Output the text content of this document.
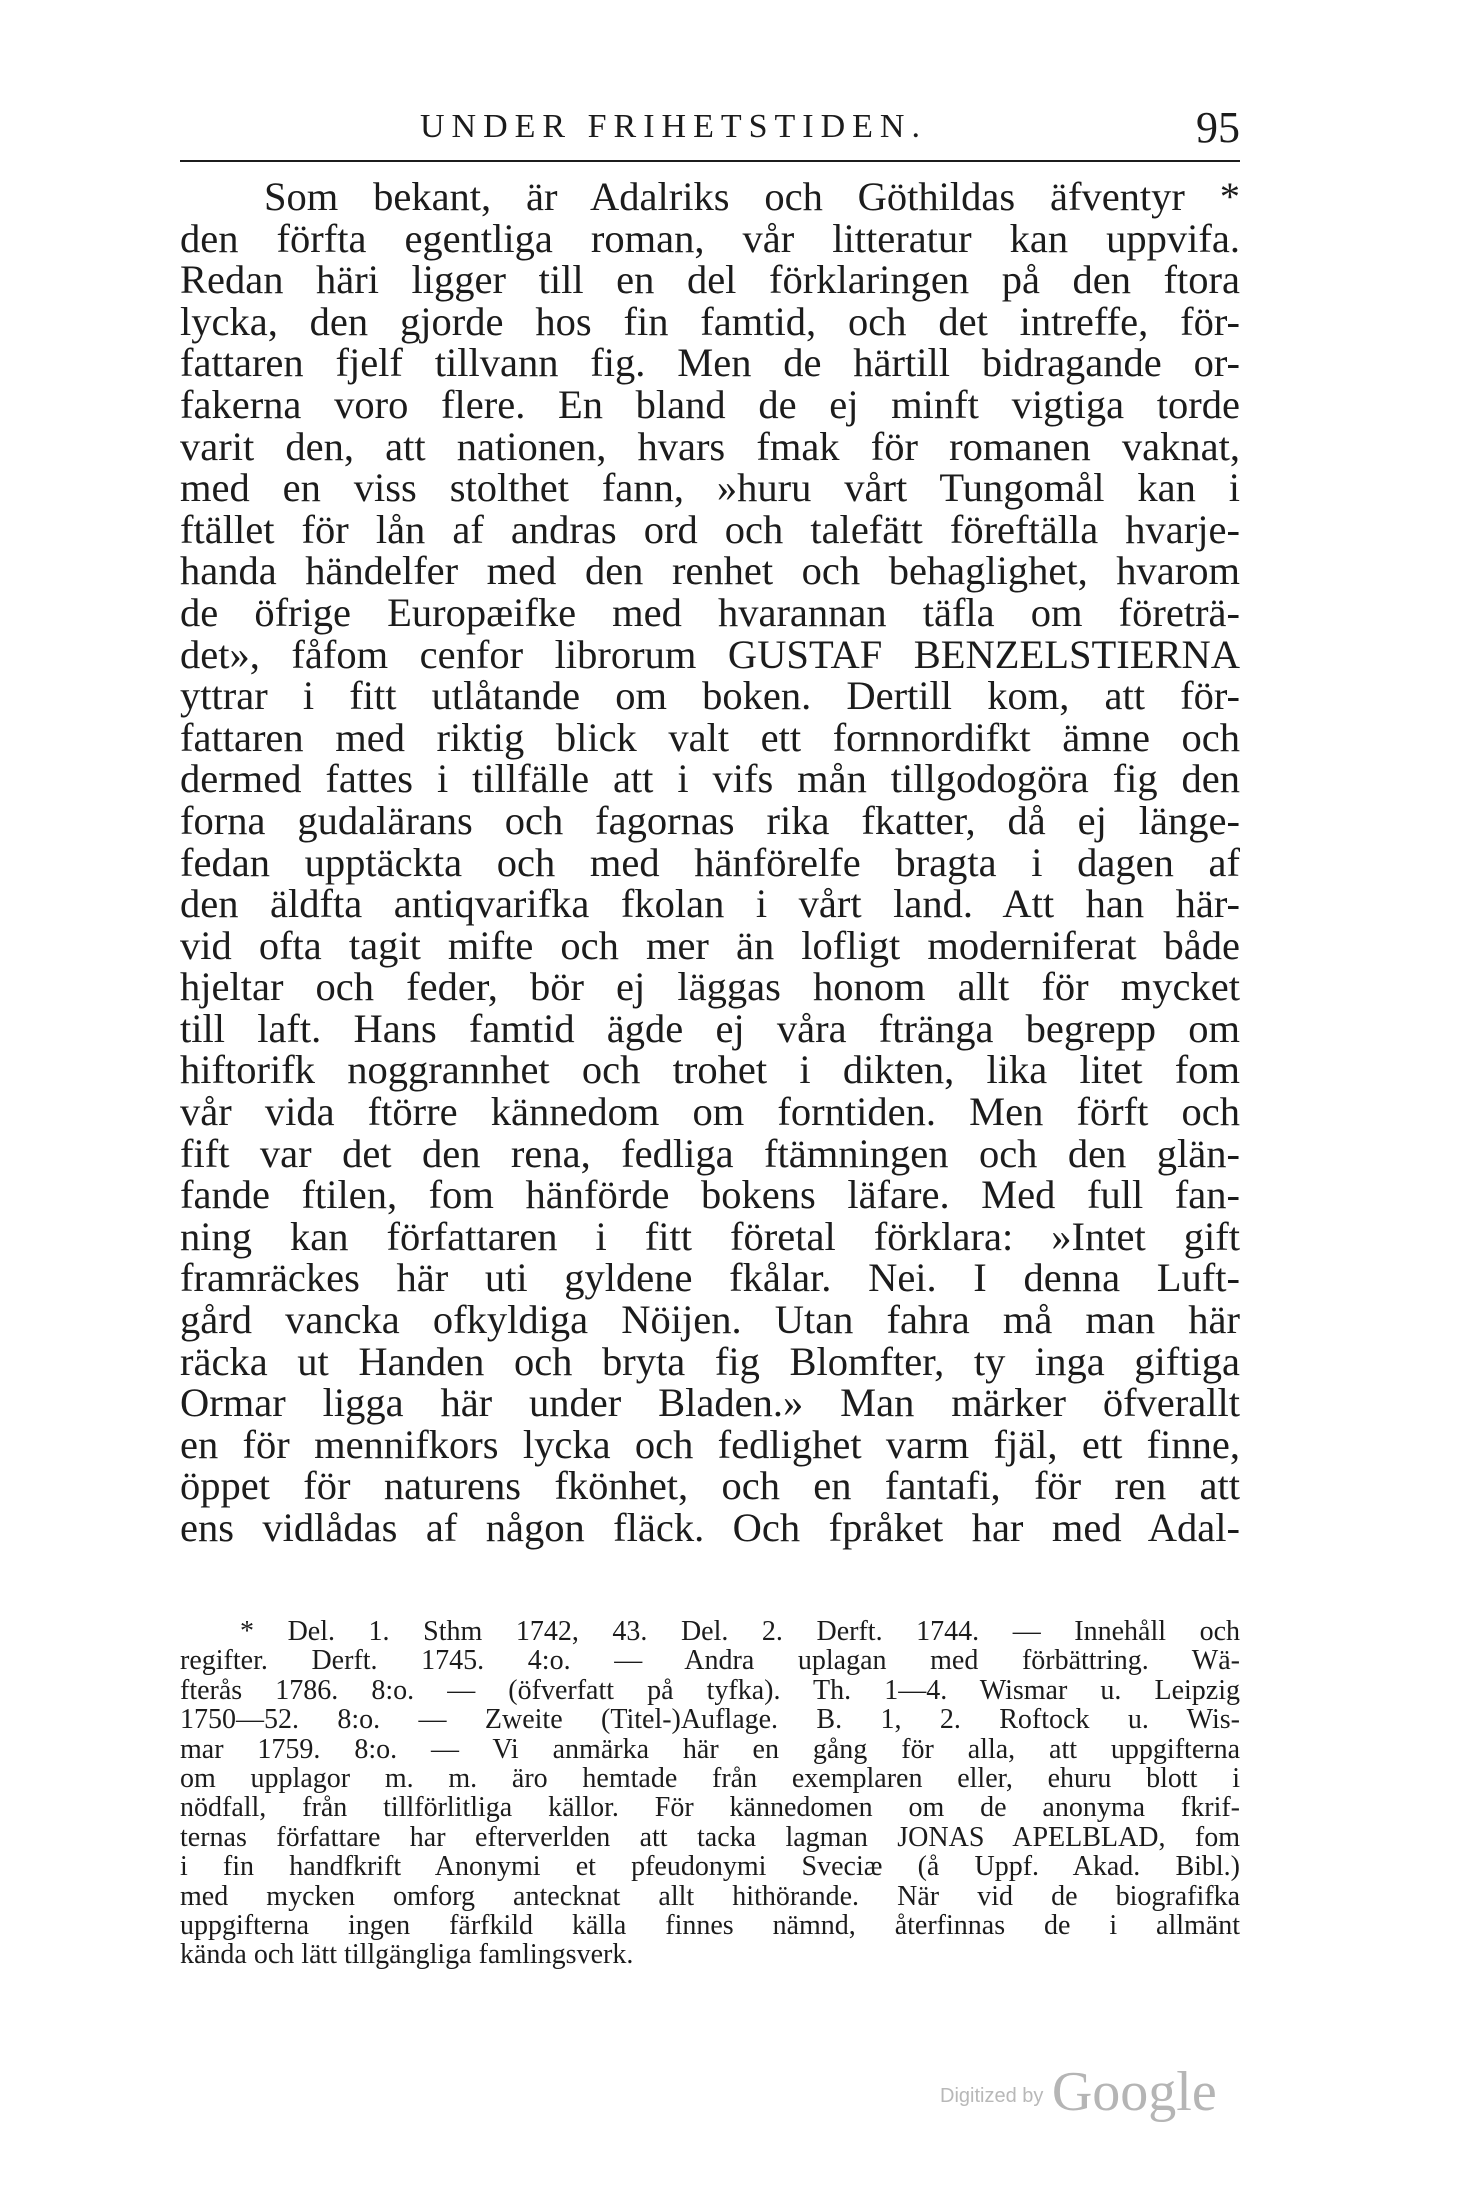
UNDER FRIHETSTIDEN.	95
Som bekant, är Adalriks och Göthildas äfventyr *
den förfta egentliga roman, vår litteratur kan uppvifa.
Redan häri ligger till en del förklaringen på den ftora
lycka, den gjorde hos fin famtid, och det intreffe, för-
fattaren fjelf tillvann fig. Men de härtill bidragande or-
fakerna voro flere. En bland de ej minft vigtiga torde
varit den, att nationen, hvars fmak för romanen vaknat,
med en viss stolthet fann, »huru vårt Tungomål kan i
ftället för lån af andras ord och talefätt föreftälla hvarje-
handa händelfer med den renhet och behaglighet, hvarom
de öfrige Europæifke med hvarannan täfla om företrä-
det», fåfom cenfor librorum GUSTAF BENZELSTIERNA
yttrar i fitt utlåtande om boken. Dertill kom, att för-
fattaren med riktig blick valt ett fornnordifkt ämne och
dermed fattes i tillfälle att i vifs mån tillgodogöra fig den
forna gudalärans och fagornas rika fkatter, då ej länge-
fedan upptäckta och med hänförelfe bragta i dagen af
den äldfta antiqvarifka fkolan i vårt land. Att han här-
vid ofta tagit mifte och mer än lofligt moderniferat både
hjeltar och feder, bör ej läggas honom allt för mycket
till laft. Hans famtid ägde ej våra ftränga begrepp om
hiftorifk noggrannhet och trohet i dikten, lika litet fom
vår vida ftörre kännedom om forntiden. Men förft och
fift var det den rena, fedliga ftämningen och den glän-
fande ftilen, fom hänförde bokens läfare. Med full fan-
ning kan författaren i fitt företal förklara: »Intet gift
framräckes här uti gyldene fkålar. Nei. I denna Luft-
gård vancka ofkyldiga Nöijen. Utan fahra må man här
räcka ut Handen och bryta fig Blomfter, ty inga giftiga
Ormar ligga här under Bladen.» Man märker öfverallt
en för mennifkors lycka och fedlighet varm fjäl, ett finne,
öppet för naturens fkönhet, och en fantafi, för ren att
ens vidlådas af någon fläck. Och fpråket har med Adal-
* Del. 1. Sthm 1742, 43. Del. 2. Derft. 1744. — Innehåll och
regifter. Derft. 1745. 4:o. — Andra uplagan med förbättring. Wä-
fterås 1786. 8:o. — (öfverfatt på tyfka). Th. 1—4. Wismar u. Leipzig
1750—52. 8:o. — Zweite (Titel-)Auflage. B. 1, 2. Roftock u. Wis-
mar 1759. 8:o. — Vi anmärka här en gång för alla, att uppgifterna
om upplagor m. m. äro hemtade från exemplaren eller, ehuru blott i
nödfall, från tillförlitliga källor. För kännedomen om de anonyma fkrif-
ternas författare har efterverlden att tacka lagman JONAS APELBLAD, fom
i fin handfkrift Anonymi et pfeudonymi Sveciæ (å Uppf. Akad. Bibl.)
med mycken omforg antecknat allt hithörande. När vid de biografifka
uppgifterna ingen färfkild källa finnes nämnd, återfinnas de i allmänt
kända och lätt tillgängliga famlingsverk.
Digitized by Google
